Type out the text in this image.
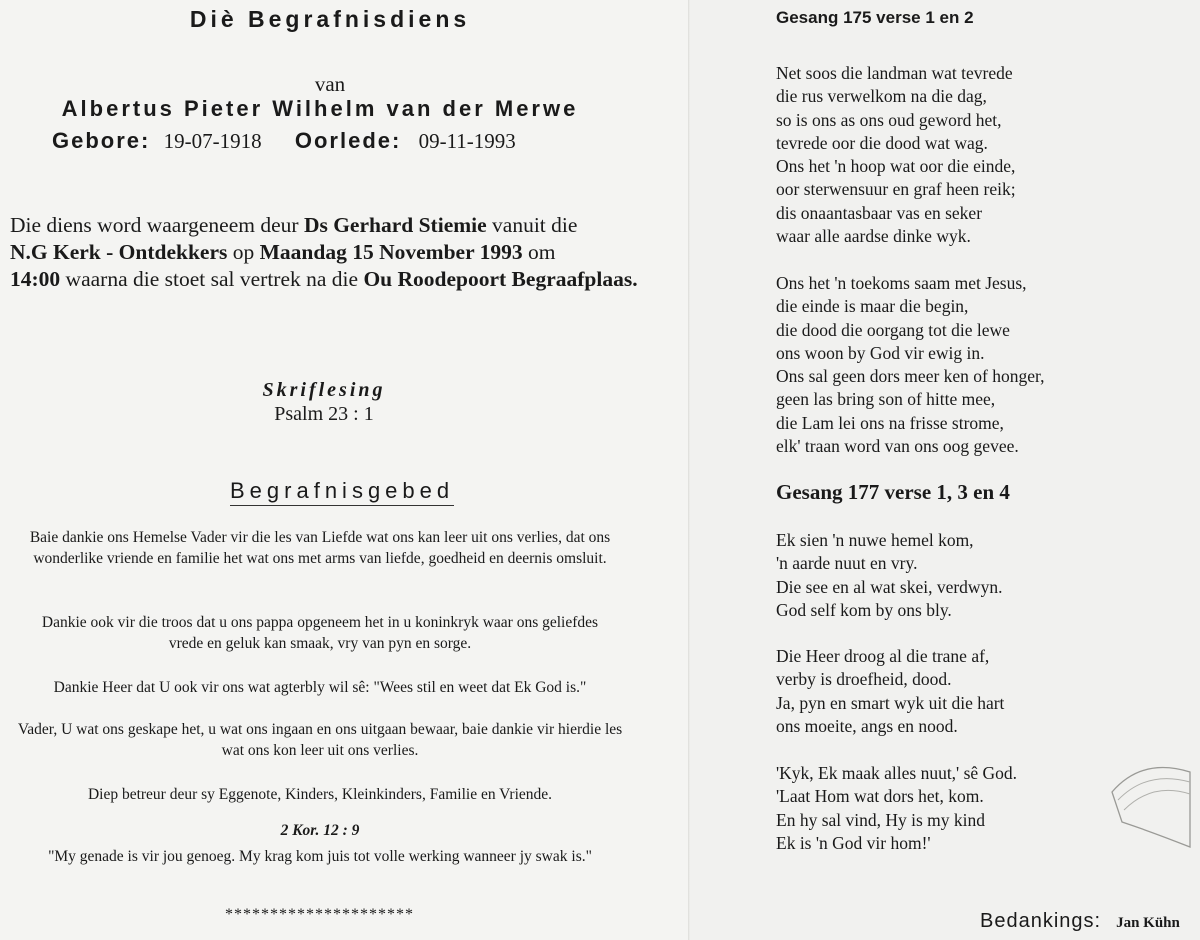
Diè Begrafnisdiens
van
Albertus Pieter Wilhelm van der Merwe
Gebore: 19-07-1918 Oorlede: 09-11-1993
Die diens word waargeneem deur Ds Gerhard Stiemie vanuit die
N.G Kerk - Ontdekkers op Maandag 15 November 1993 om
14:00 waarna die stoet sal vertrek na die Ou Roodepoort Begraafplaas.
Skriflesing
Psalm 23 : 1
Begrafnisgebed
Baie dankie ons Hemelse Vader vir die les van Liefde wat ons kan leer uit ons verlies, dat ons wonderlike vriende en familie het wat ons met arms van liefde, goedheid en deernis omsluit.
Dankie ook vir die troos dat u ons pappa opgeneem het in u koninkryk waar ons geliefdes vrede en geluk kan smaak, vry van pyn en sorge.
Dankie Heer dat U ook vir ons wat agterbly wil sê: "Wees stil en weet dat Ek God is."
Vader, U wat ons geskape het, u wat ons ingaan en ons uitgaan bewaar, baie dankie vir hierdie les wat ons kon leer uit ons verlies.
Diep betreur deur sy Eggenote, Kinders, Kleinkinders, Familie en Vriende.
2 Kor. 12 : 9
"My genade is vir jou genoeg. My krag kom juis tot volle werking wanneer jy swak is."
*********************
Gesang 175 verse 1 en 2
Net soos die landman wat tevrede
die rus verwelkom na die dag,
so is ons as ons oud geword het,
tevrede oor die dood wat wag.
Ons het 'n hoop wat oor die einde,
oor sterwensuur en graf heen reik;
dis onaantasbaar vas en seker
waar alle aardse dinke wyk.
Ons het 'n toekoms saam met Jesus,
die einde is maar die begin,
die dood die oorgang tot die lewe
ons woon by God vir ewig in.
Ons sal geen dors meer ken of honger,
geen las bring son of hitte mee,
die Lam lei ons na frisse strome,
elk' traan word van ons oog gevee.
Gesang 177 verse 1, 3 en 4
Ek sien 'n nuwe hemel kom,
'n aarde nuut en vry.
Die see en al wat skei, verdwyn.
God self kom by ons bly.
Die Heer droog al die trane af,
verby is droefheid, dood.
Ja, pyn en smart wyk uit die hart
ons moeite, angs en nood.
'Kyk, Ek maak alles nuut,' sê God.
'Laat Hom wat dors het, kom.
En hy sal vind, Hy is my kind
Ek is 'n God vir hom!'
Bedankings: Jan Kühn
